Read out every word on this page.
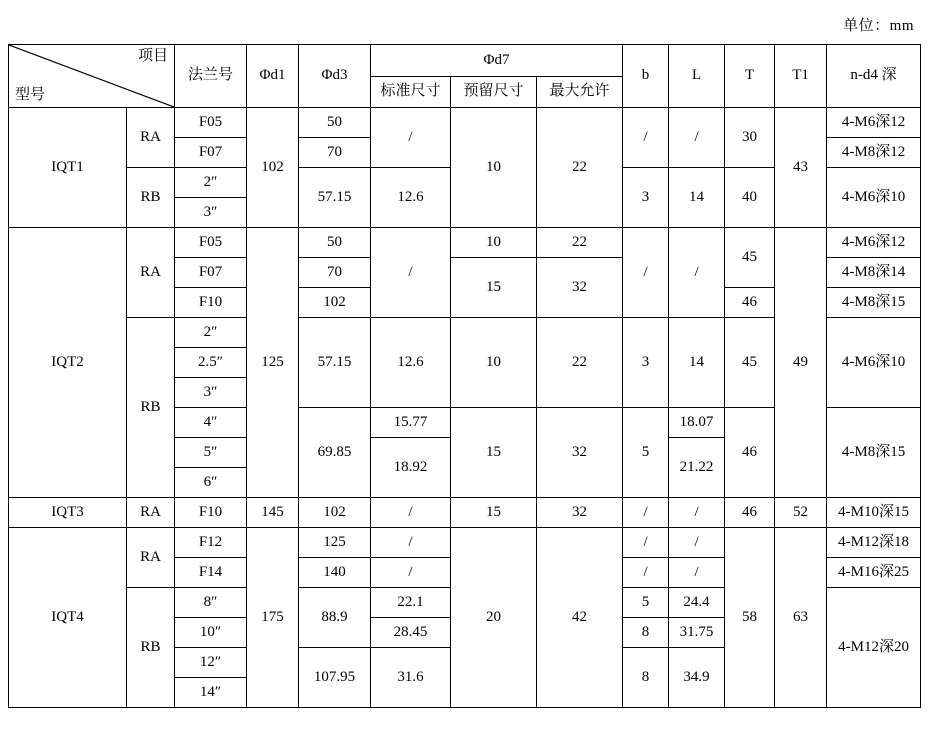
单位：mm
项目
型号		法兰号	Φd1	Φd3	Φd7			b	L	T	T1	n-d4 深
					标准尺寸	预留尺寸	最大允许					
IQT1	RA	F05	102	50	/	10	22	/	/	30	43	4-M6深12
		F07		70								4-M8深12
	RB	2″		57.15	12.6			3	14	40		4-M6深10
		3″										
IQT2	RA	F05	125	50	/	10	22	/	/	45	49	4-M6深12
		F07		70		15	32					4-M8深14
		F10		102						46		4-M8深15
	RB	2″		57.15	12.6	10	22	3	14	45		4-M6深10
		2.5″										
		3″										
		4″		69.85	15.77	15	32	5	18.07	46		4-M8深15
		5″			18.92				21.22			
		6″										
IQT3	RA	F10	145	102	/	15	32	/	/	46	52	4-M10深15
IQT4	RA	F12	175	125	/	20	42	/	/	58	63	4-M12深18
		F14		140	/			/	/			4-M16深25
	RB	8″		88.9	22.1			5	24.4			4-M12深20
		10″			28.45			8	31.75			
		12″		107.95	31.6			8	34.9			
		14″										
